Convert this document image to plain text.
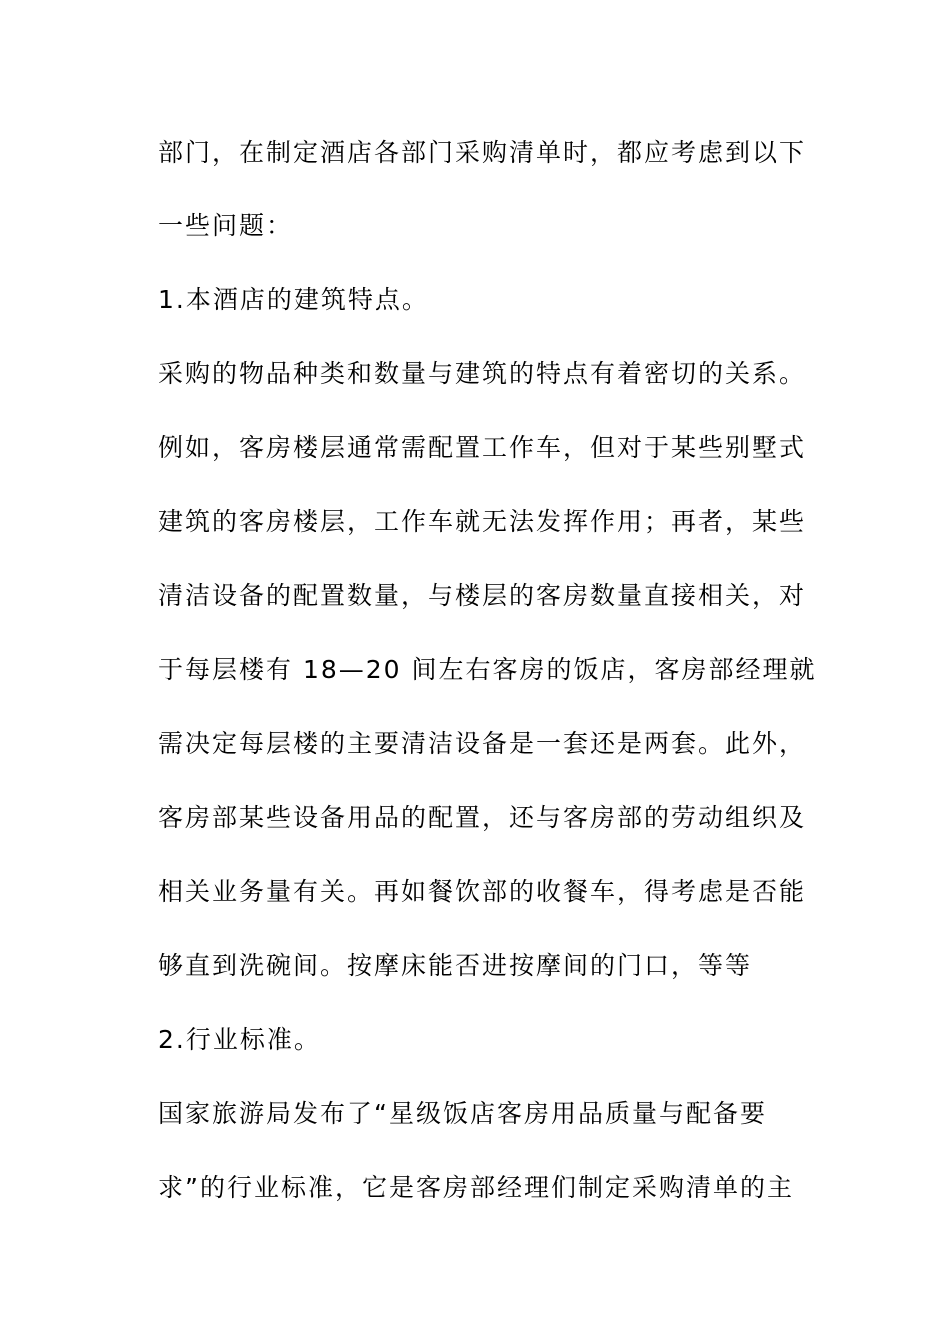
部门，在制定酒店各部门采购清单时，都应考虑到以下
一些问题：
1.本酒店的建筑特点。
采购的物品种类和数量与建筑的特点有着密切的关系。
例如，客房楼层通常需配置工作车，但对于某些别墅式
建筑的客房楼层，工作车就无法发挥作用；再者，某些
清洁设备的配置数量，与楼层的客房数量直接相关，对
于每层楼有 18—20 间左右客房的饭店，客房部经理就
需决定每层楼的主要清洁设备是一套还是两套。此外，
客房部某些设备用品的配置，还与客房部的劳动组织及
相关业务量有关。再如餐饮部的收餐车，得考虑是否能
够直到洗碗间。按摩床能否进按摩间的门口，等等
2.行业标准。
国家旅游局发布了“星级饭店客房用品质量与配备要
求”的行业标准，它是客房部经理们制定采购清单的主
